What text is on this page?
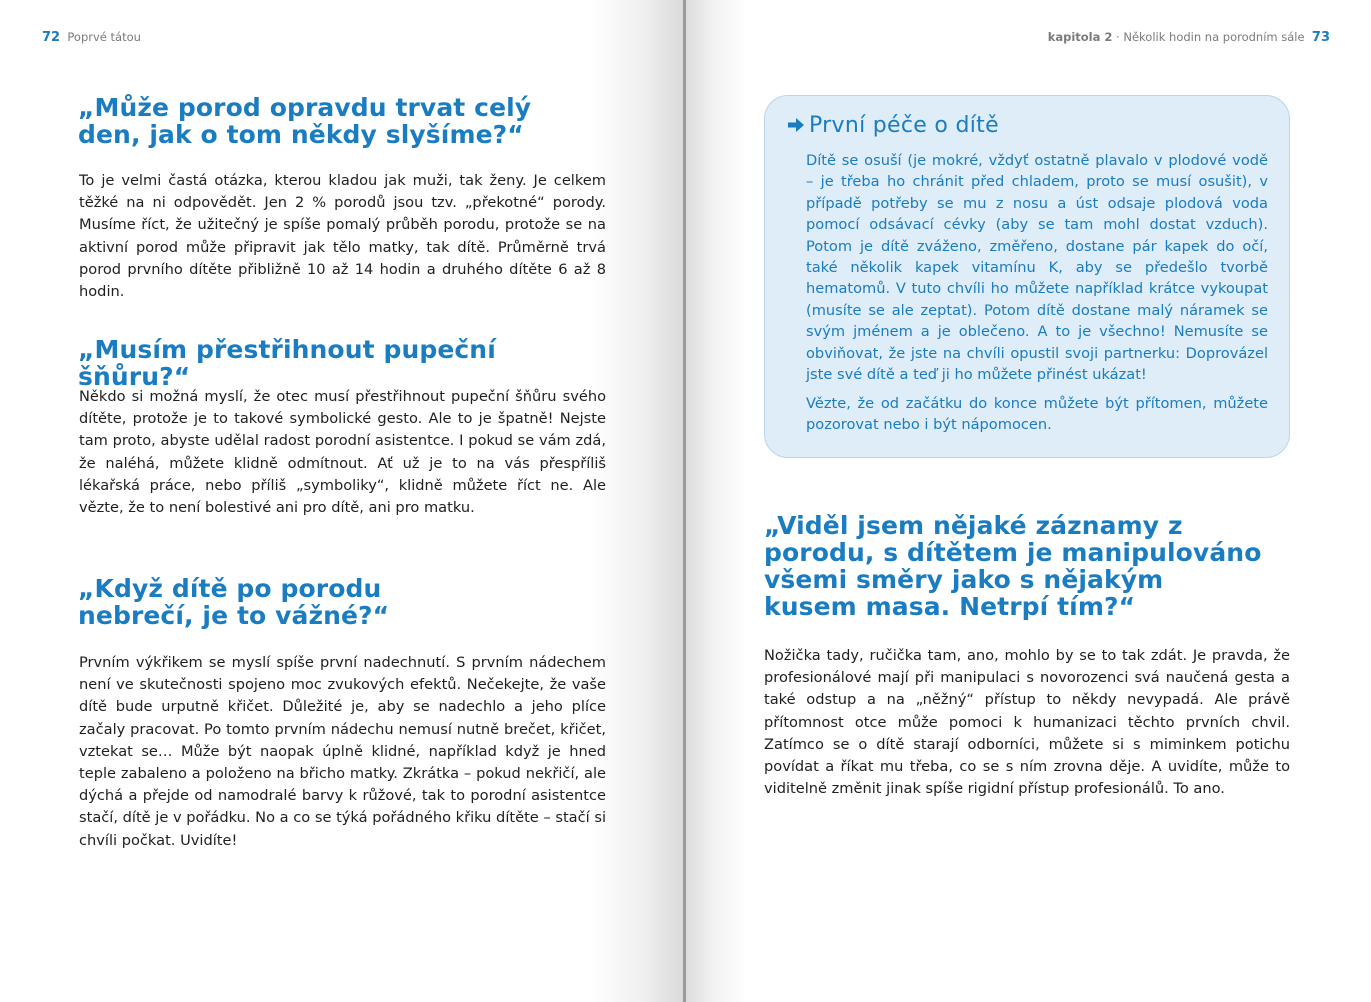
72 Poprvé tátou
„Může porod opravdu trvat celý den, jak o tom někdy slyšíme?“

To je velmi častá otázka, kterou kladou jak muži, tak ženy. Je celkem těžké na ni odpovědět. Jen 2 % porodů jsou tzv. „překotné“ porody. Musíme říct, že užitečný je spíše pomalý průběh porodu, protože se na aktivní porod může připravit jak tělo matky, tak dítě. Průměrně trvá porod prvního dítěte přibližně 10 až 14 hodin a druhého dítěte 6 až 8 hodin.

„Musím přestřihnout pupeční šňůru?“

Někdo si možná myslí, že otec musí přestřihnout pupeční šňůru svého dítěte, protože je to takové symbolické gesto. Ale to je špatně! Nejste tam proto, abyste udělal radost porodní asistentce. I pokud se vám zdá, že naléhá, můžete klidně odmítnout. Ať už je to na vás přespříliš lékařská práce, nebo příliš „symboliky“, klidně můžete říct ne. Ale vězte, že to není bolestivé ani pro dítě, ani pro matku.

„Když dítě po porodu nebrečí, je to vážné?“

Prvním výkřikem se myslí spíše první nadechnutí. S prvním nádechem není ve skutečnosti spojeno moc zvukových efektů. Nečekejte, že vaše dítě bude urputně křičet. Důležité je, aby se nadechlo a jeho plíce začaly pracovat. Po tomto prvním nádechu nemusí nutně brečet, křičet, vztekat se… Může být naopak úplně klidné, například když je hned teple zabaleno a položeno na břicho matky. Zkrátka – pokud nekřičí, ale dýchá a přejde od namodralé barvy k růžové, tak to porodní asistentce stačí, dítě je v pořádku. No a co se týká pořádného křiku dítěte – stačí si chvíli počkat. Uvidíte!

kapitola 2 · Několik hodin na porodním sále 73
První péče o dítě

Dítě se osuší (je mokré, vždyť ostatně plavalo v plodové vodě – je třeba ho chránit před chladem, proto se musí osušit), v případě potřeby se mu z nosu a úst odsaje plodová voda pomocí odsávací cévky (aby se tam mohl dostat vzduch). Potom je dítě zváženo, změřeno, dostane pár kapek do očí, také několik kapek vitamínu K, aby se předešlo tvorbě hematomů. V tuto chvíli ho můžete například krátce vykoupat (musíte se ale zeptat). Potom dítě dostane malý náramek se svým jménem a je oblečeno. A to je všechno! Nemusíte se obviňovat, že jste na chvíli opustil svoji partnerku: Doprovázel jste své dítě a teď ji ho můžete přinést ukázat!

Vězte, že od začátku do konce můžete být přítomen, můžete pozorovat nebo i být nápomocen.

„Viděl jsem nějaké záznamy z porodu, s dítětem je manipulováno všemi směry jako s nějakým kusem masa. Netrpí tím?“

Nožička tady, ručička tam, ano, mohlo by se to tak zdát. Je pravda, že profesionálové mají při manipulaci s novorozenci svá naučená gesta a také odstup a na „něžný“ přístup to někdy nevypadá. Ale právě přítomnost otce může pomoci k humanizaci těchto prvních chvil. Zatímco se o dítě starají odborníci, můžete si s miminkem potichu povídat a říkat mu třeba, co se s ním zrovna děje. A uvidíte, může to viditelně změnit jinak spíše rigidní přístup profesionálů. To ano.
